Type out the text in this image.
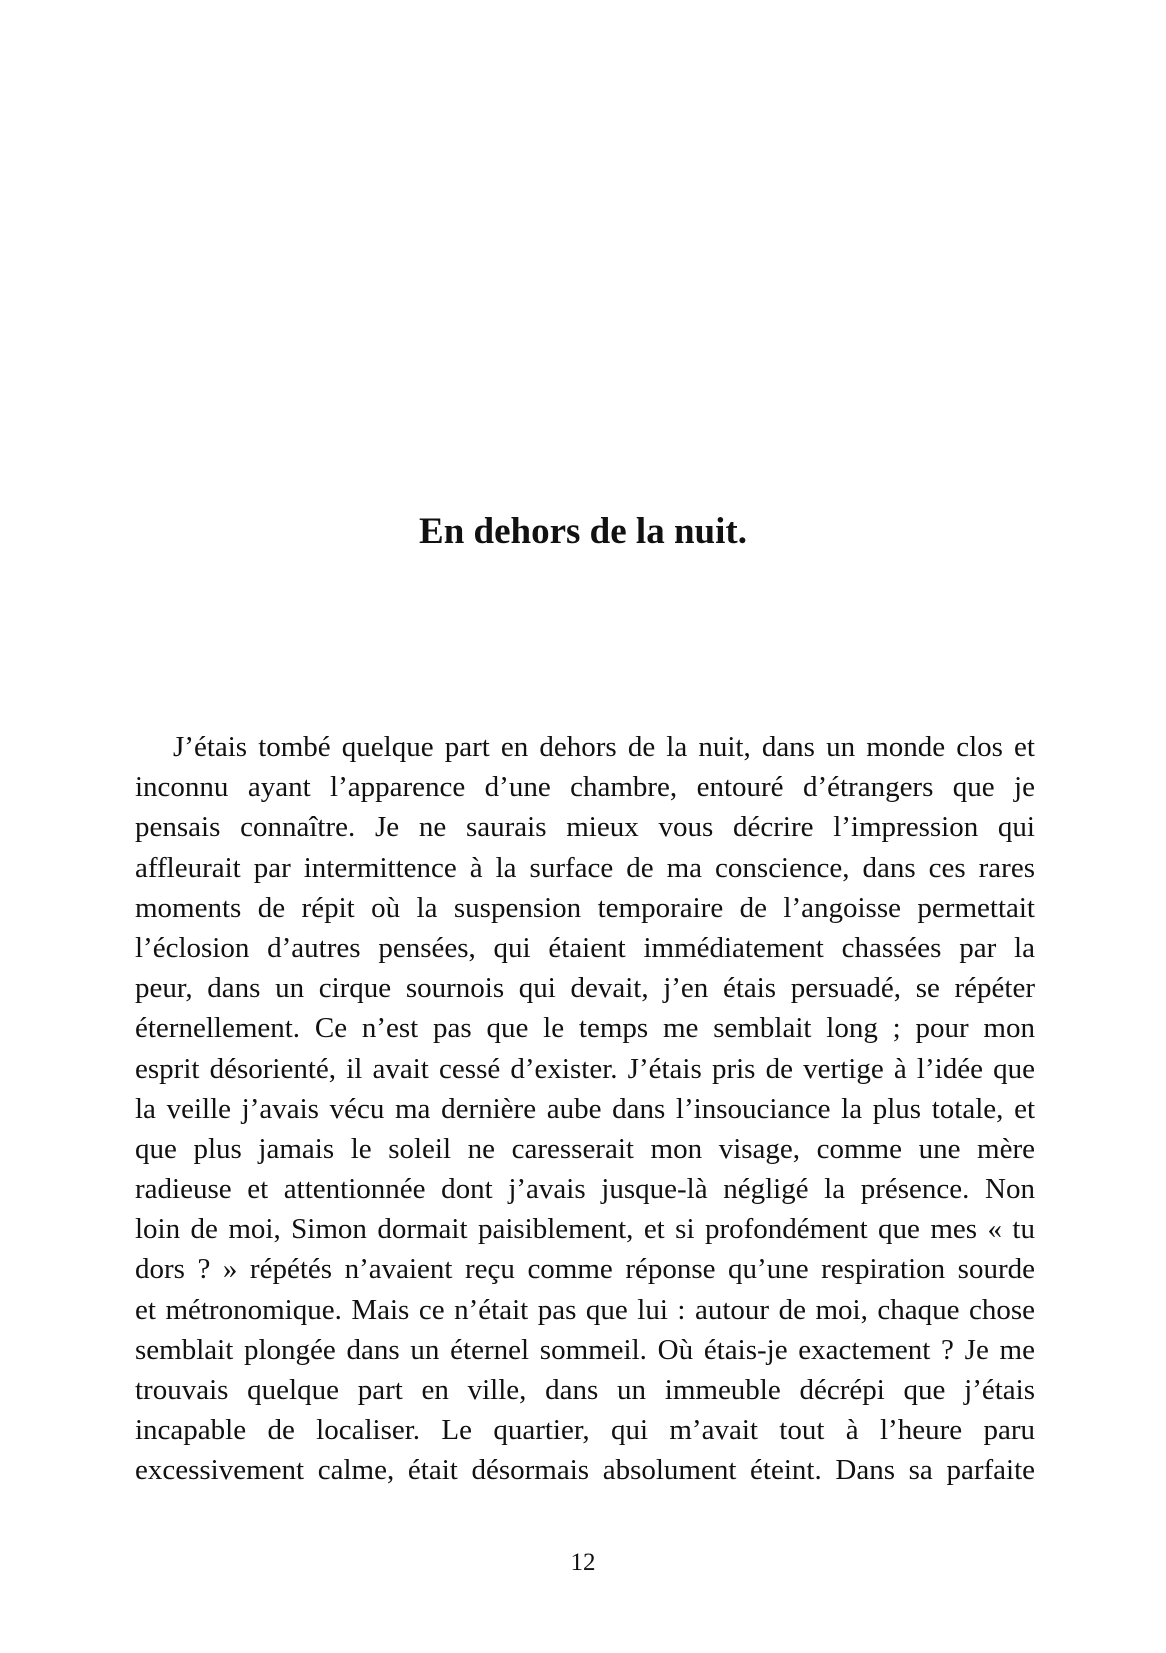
En dehors de la nuit.
J’étais tombé quelque part en dehors de la nuit, dans un monde clos et
inconnu ayant l’apparence d’une chambre, entouré d’étrangers que je
pensais connaître. Je ne saurais mieux vous décrire l’impression qui
affleurait par intermittence à la surface de ma conscience, dans ces rares
moments de répit où la suspension temporaire de l’angoisse permettait
l’éclosion d’autres pensées, qui étaient immédiatement chassées par la
peur, dans un cirque sournois qui devait, j’en étais persuadé, se répéter
éternellement. Ce n’est pas que le temps me semblait long ; pour mon
esprit désorienté, il avait cessé d’exister. J’étais pris de vertige à l’idée que
la veille j’avais vécu ma dernière aube dans l’insouciance la plus totale, et
que plus jamais le soleil ne caresserait mon visage, comme une mère
radieuse et attentionnée dont j’avais jusque-là négligé la présence. Non
loin de moi, Simon dormait paisiblement, et si profondément que mes « tu
dors ? » répétés n’avaient reçu comme réponse qu’une respiration sourde
et métronomique. Mais ce n’était pas que lui : autour de moi, chaque chose
semblait plongée dans un éternel sommeil. Où étais-je exactement ? Je me
trouvais quelque part en ville, dans un immeuble décrépi que j’étais
incapable de localiser. Le quartier, qui m’avait tout à l’heure paru
excessivement calme, était désormais absolument éteint. Dans sa parfaite
12
